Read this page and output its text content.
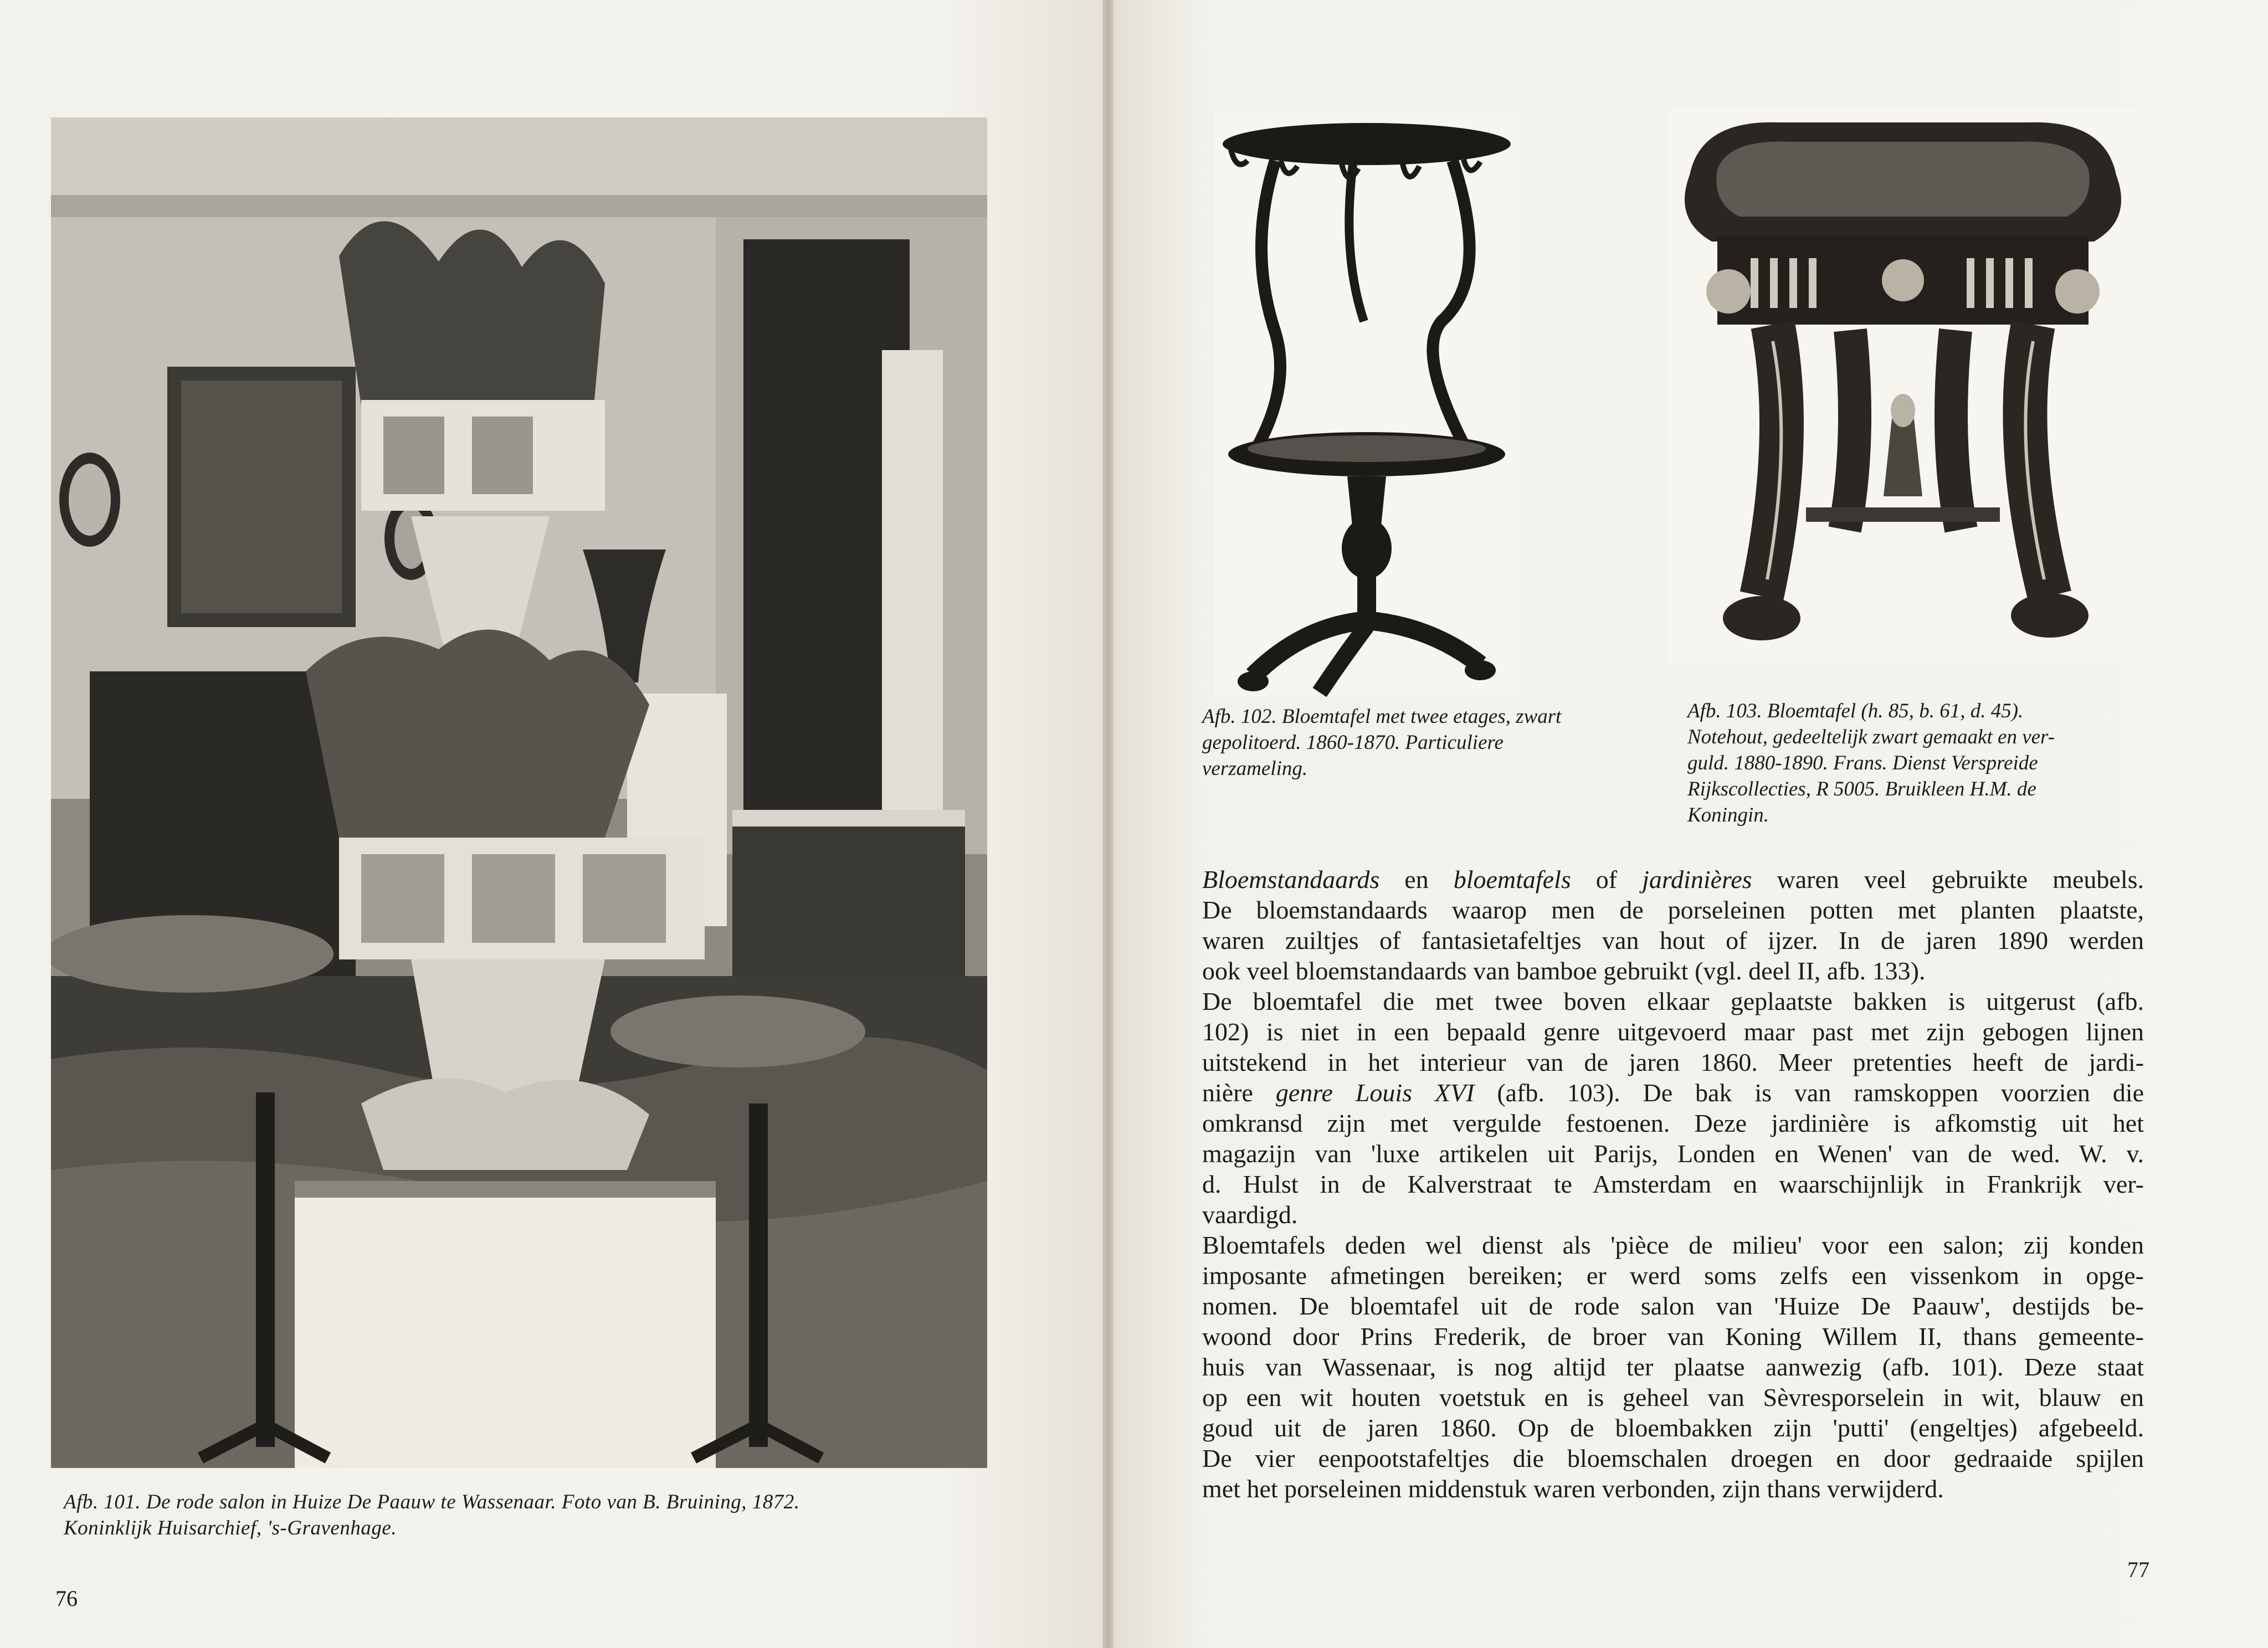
Afb. 101. De rode salon in Huize De Paauw te Wassenaar. Foto van B. Bruining, 1872.
Koninklijk Huisarchief, 's-Gravenhage.
76
Afb. 102. Bloemtafel met twee etages, zwart
gepolitoerd. 1860-1870. Particuliere
verzameling.
Afb. 103. Bloemtafel (h. 85, b. 61, d. 45).
Notehout, gedeeltelijk zwart gemaakt en ver-
guld. 1880-1890. Frans. Dienst Verspreide
Rijkscollecties, R 5005. Bruikleen H.M. de
Koningin.
Bloemstandaards en bloemtafels of jardinières waren veel gebruikte meubels.
De bloemstandaards waarop men de porseleinen potten met planten plaatste,
waren zuiltjes of fantasietafeltjes van hout of ijzer. In de jaren 1890 werden
ook veel bloemstandaards van bamboe gebruikt (vgl. deel II, afb. 133).
De bloemtafel die met twee boven elkaar geplaatste bakken is uitgerust (afb.
102) is niet in een bepaald genre uitgevoerd maar past met zijn gebogen lijnen
uitstekend in het interieur van de jaren 1860. Meer pretenties heeft de jardi-
nière genre Louis XVI (afb. 103). De bak is van ramskoppen voorzien die
omkransd zijn met vergulde festoenen. Deze jardinière is afkomstig uit het
magazijn van 'luxe artikelen uit Parijs, Londen en Wenen' van de wed. W. v.
d. Hulst in de Kalverstraat te Amsterdam en waarschijnlijk in Frankrijk ver-
vaardigd.
Bloemtafels deden wel dienst als 'pièce de milieu' voor een salon; zij konden
imposante afmetingen bereiken; er werd soms zelfs een vissenkom in opge-
nomen. De bloemtafel uit de rode salon van 'Huize De Paauw', destijds be-
woond door Prins Frederik, de broer van Koning Willem II, thans gemeente-
huis van Wassenaar, is nog altijd ter plaatse aanwezig (afb. 101). Deze staat
op een wit houten voetstuk en is geheel van Sèvresporselein in wit, blauw en
goud uit de jaren 1860. Op de bloembakken zijn 'putti' (engeltjes) afgebeeld.
De vier eenpootstafeltjes die bloemschalen droegen en door gedraaide spijlen
met het porseleinen middenstuk waren verbonden, zijn thans verwijderd.
77
